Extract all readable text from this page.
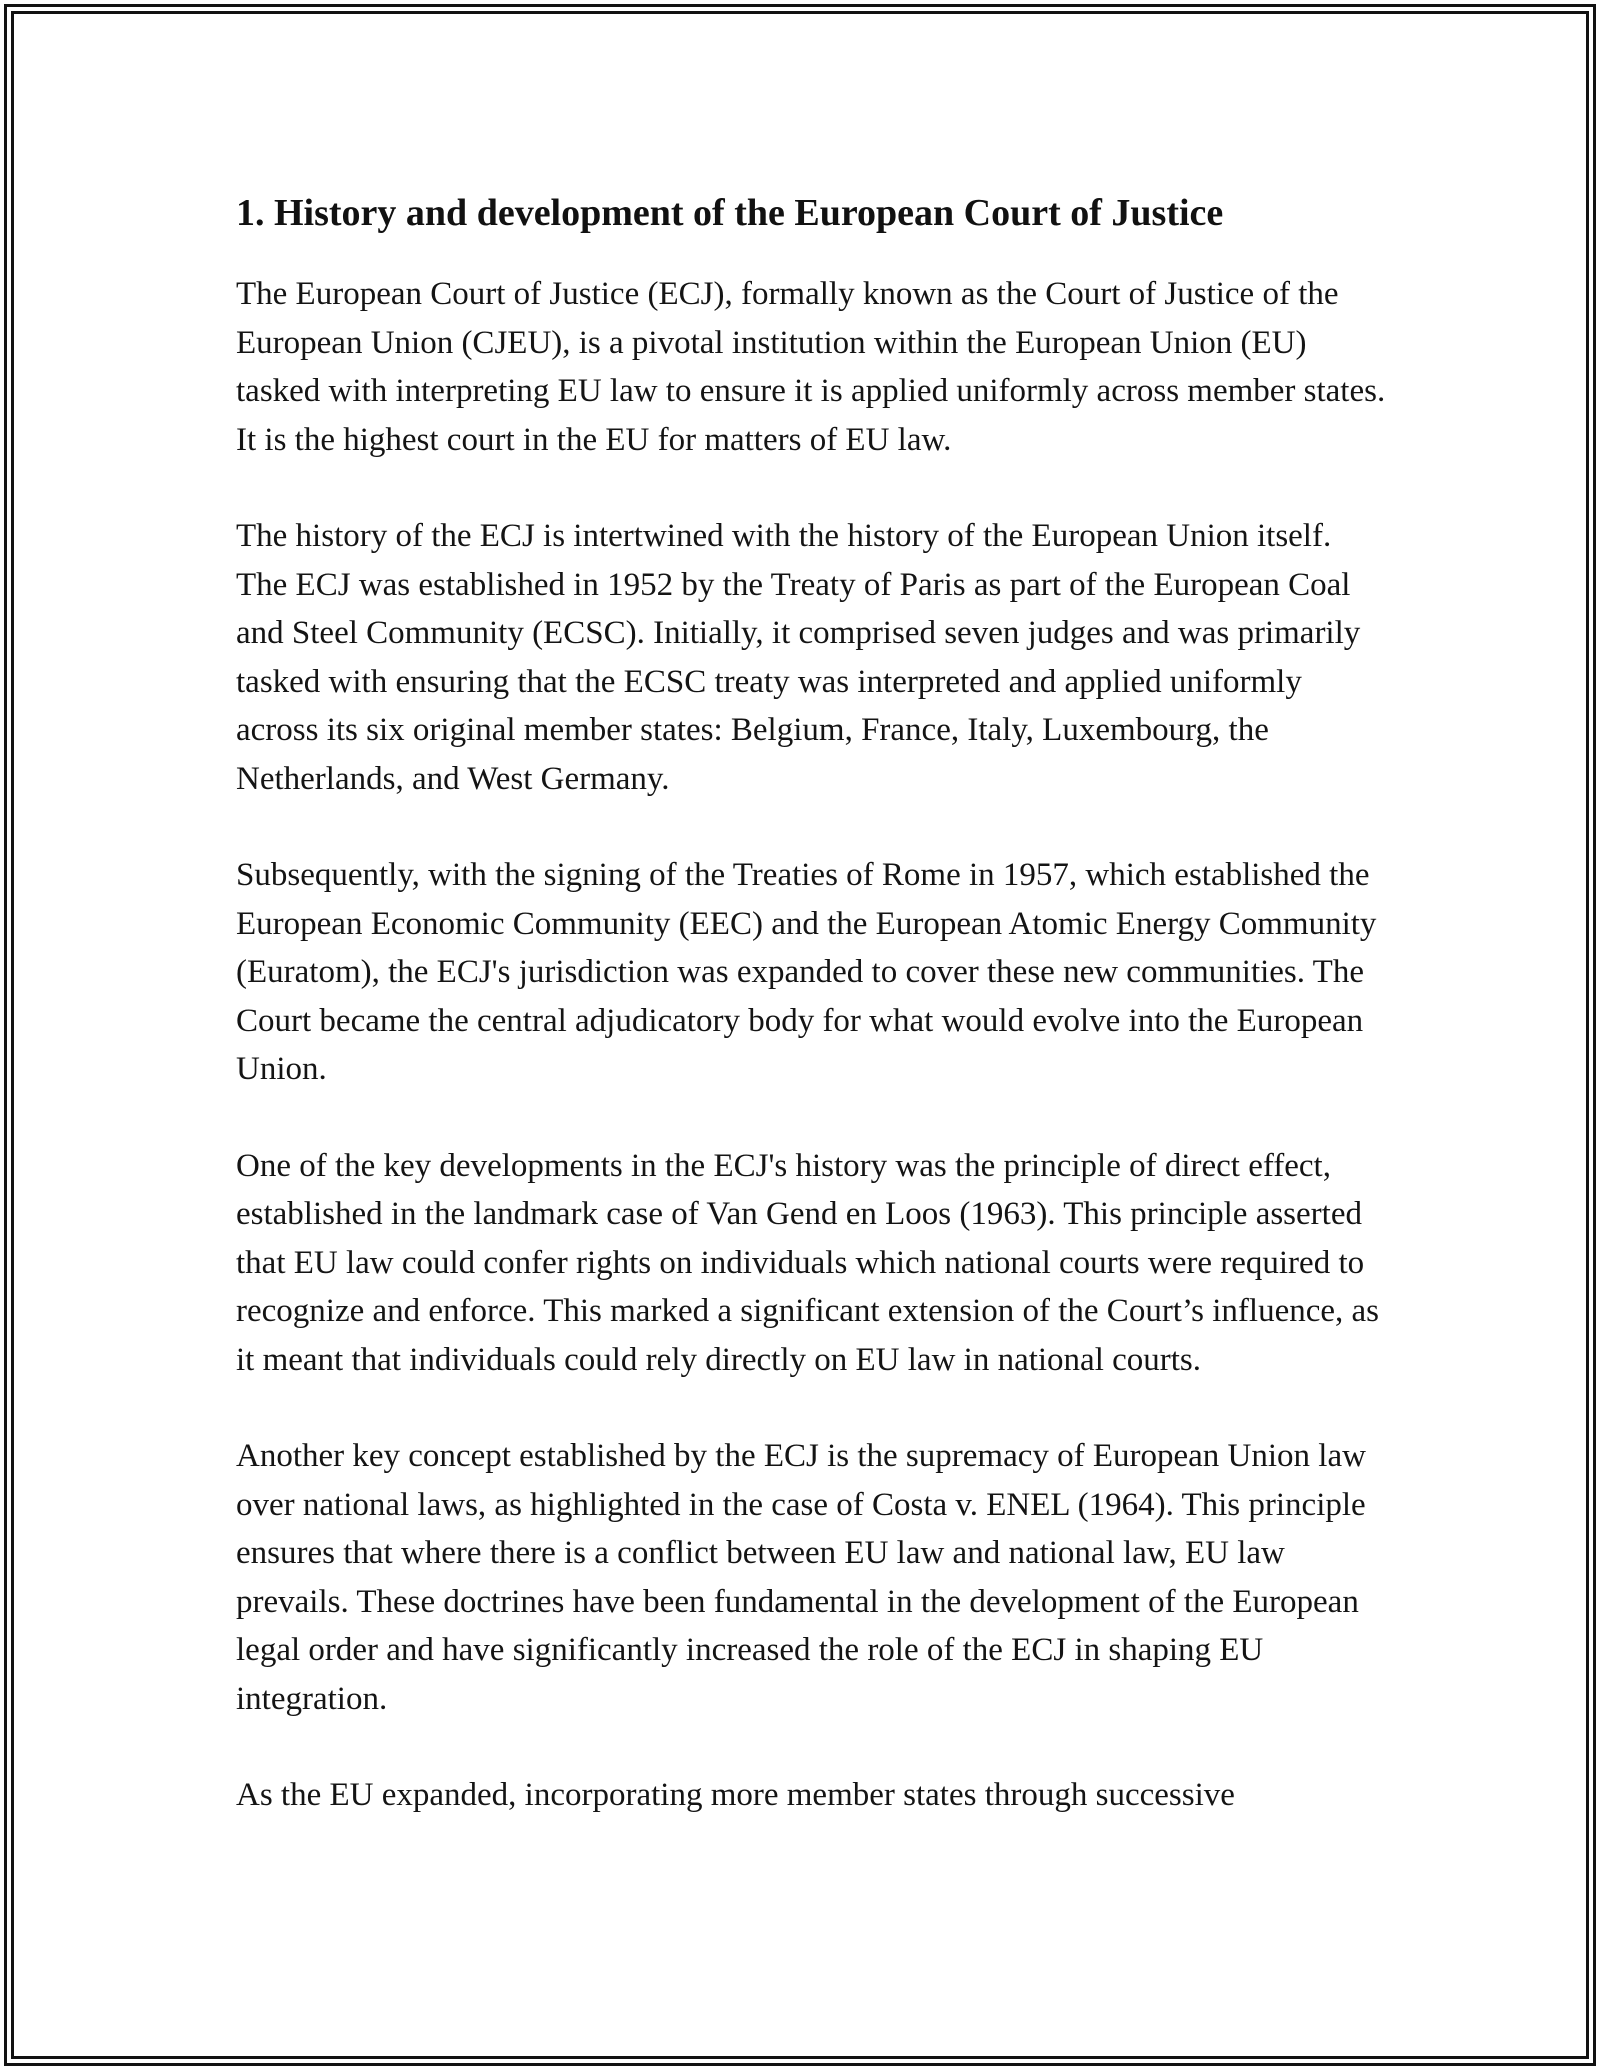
1. History and development of the European Court of Justice

The European Court of Justice (ECJ), formally known as the Court of Justice of the European Union (CJEU), is a pivotal institution within the European Union (EU) tasked with interpreting EU law to ensure it is applied uniformly across member states. It is the highest court in the EU for matters of EU law.

The history of the ECJ is intertwined with the history of the European Union itself. The ECJ was established in 1952 by the Treaty of Paris as part of the European Coal and Steel Community (ECSC). Initially, it comprised seven judges and was primarily tasked with ensuring that the ECSC treaty was interpreted and applied uniformly across its six original member states: Belgium, France, Italy, Luxembourg, the Netherlands, and West Germany.

Subsequently, with the signing of the Treaties of Rome in 1957, which established the European Economic Community (EEC) and the European Atomic Energy Community (Euratom), the ECJ's jurisdiction was expanded to cover these new communities. The Court became the central adjudicatory body for what would evolve into the European Union.

One of the key developments in the ECJ's history was the principle of direct effect, established in the landmark case of Van Gend en Loos (1963). This principle asserted that EU law could confer rights on individuals which national courts were required to recognize and enforce. This marked a significant extension of the Court’s influence, as it meant that individuals could rely directly on EU law in national courts.

Another key concept established by the ECJ is the supremacy of European Union law over national laws, as highlighted in the case of Costa v. ENEL (1964). This principle ensures that where there is a conflict between EU law and national law, EU law prevails. These doctrines have been fundamental in the development of the European legal order and have significantly increased the role of the ECJ in shaping EU integration.

As the EU expanded, incorporating more member states through successive
